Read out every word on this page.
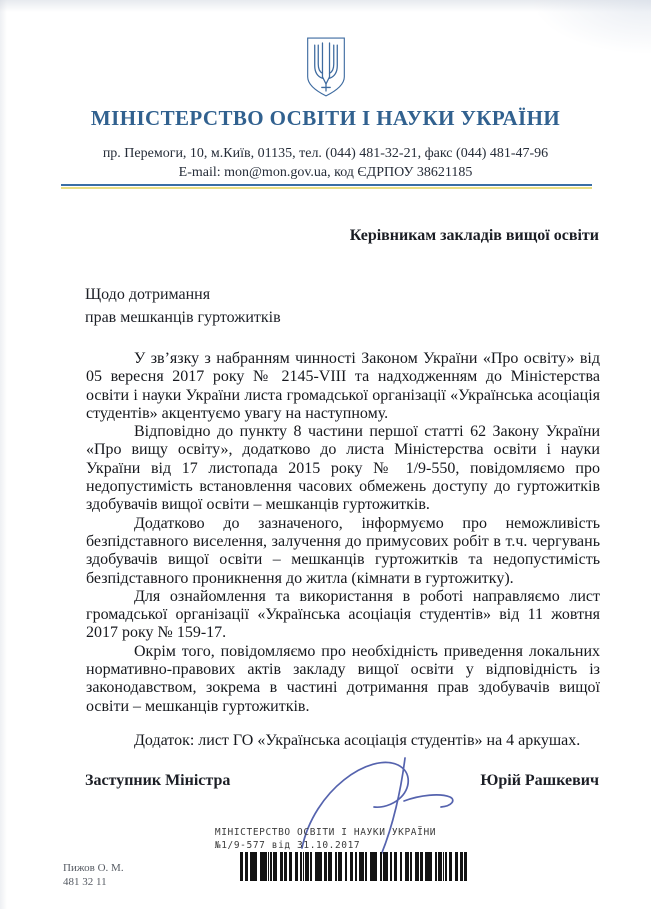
МІНІСТЕРСТВО ОСВІТИ І НАУКИ УКРАЇНИ
пр. Перемоги, 10, м.Київ, 01135, тел. (044) 481-32-21, факс (044) 481-47-96
E-mail: mon@mon.gov.ua, код ЄДРПОУ 38621185
Керівникам закладів вищої освіти
Щодо дотримання
прав мешканців гуртожитків

У зв’язку з набранням чинності Законом України «Про освіту» від 05 вересня 2017 року № 2145-VIII та надходженням до Міністерства освіти і науки України листа громадської організації «Українська асоціація студентів» акцентуємо увагу на наступному.

Відповідно до пункту 8 частини першої статті 62 Закону України «Про вищу освіту», додатково до листа Міністерства освіти і науки України від 17 листопада 2015 року № 1/9-550, повідомляємо про недопустимість встановлення часових обмежень доступу до гуртожитків здобувачів вищої освіти – мешканців гуртожитків.

Додатково до зазначеного, інформуємо про неможливість безпідставного виселення, залучення до примусових робіт в т.ч. чергувань здобувачів вищої освіти – мешканців гуртожитків та недопустимість безпідставного проникнення до житла (кімнати в гуртожитку).

Для ознайомлення та використання в роботі направляємо лист громадської організації «Українська асоціація студентів» від 11 жовтня 2017 року № 159-17.

Окрім того, повідомляємо про необхідність приведення локальних нормативно-правових актів закладу вищої освіти у відповідність із законодавством, зокрема в частині дотримання прав здобувачів вищої освіти – мешканців гуртожитків.

Додаток: лист ГО «Українська асоціація студентів» на 4 аркушах.
Заступник Міністра	Юрій Рашкевич
МІНІСТЕРСТВО ОСВІТИ І НАУКИ УКРАЇНИ
№1/9-577 від 31.10.2017
Пижов О. М.
481 32 11
